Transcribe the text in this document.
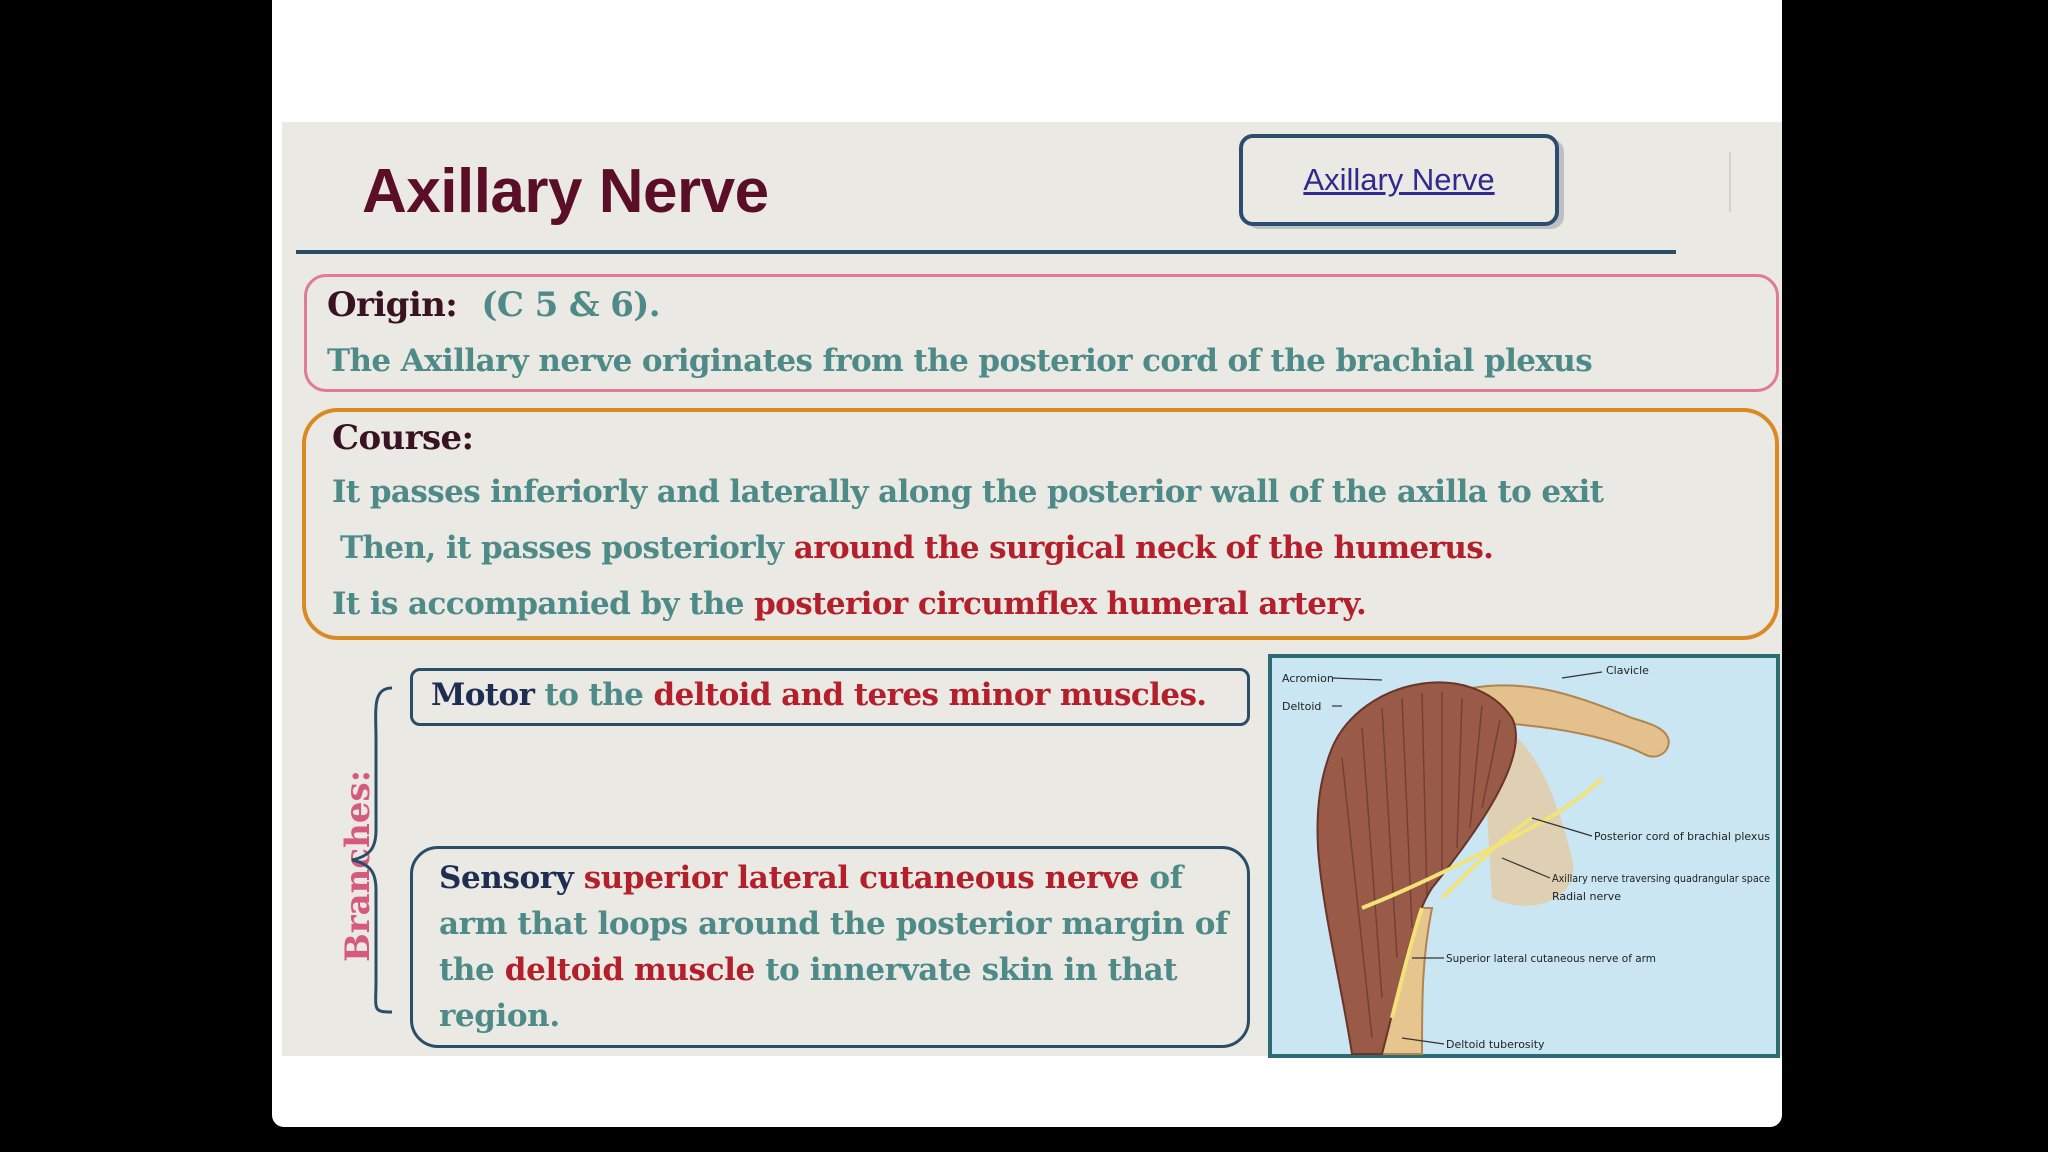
Axillary Nerve	Axillary Nerve
Origin: (C 5 & 6).
The Axillary nerve originates from the posterior cord of the brachial plexus
Course:
It passes inferiorly and laterally along the posterior wall of the axilla to exit
Then, it passes posteriorly around the surgical neck of the humerus.
It is accompanied by the posterior circumflex humeral artery.
Branches:
Motor to the deltoid and teres minor muscles.
Sensory superior lateral cutaneous nerve of arm that loops around the posterior margin of the deltoid muscle to innervate skin in that region.
Acromion
Deltoid
Clavicle
Posterior cord of brachial plexus
Axillary nerve traversing quadrangular space
Radial nerve
Superior lateral cutaneous nerve of arm
Deltoid tuberosity
